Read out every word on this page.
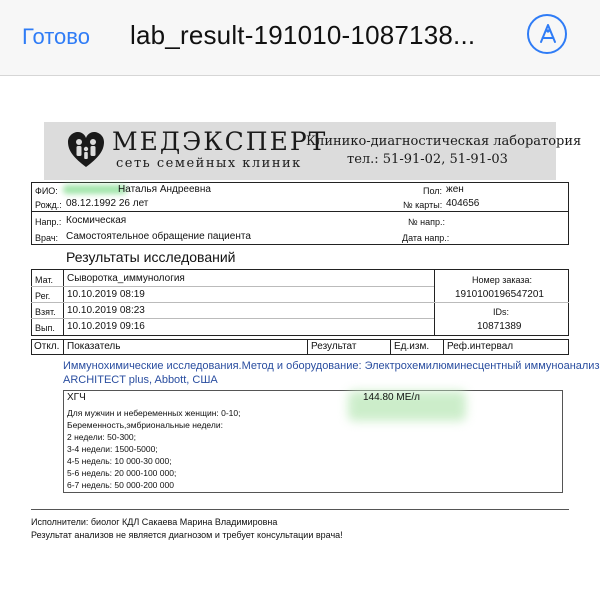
Готово lab_result-191010-1087138...
МЕДЭКСПЕРТ
сеть семейных клиник
Клинико-диагностическая лаборатория
тел.: 51-91-02, 51-91-03
ФИО:	Наталья Андреевна
Рожд.: 08.12.1992 26 лет
Пол: жен
№ карты: 404656
Напр.: Космическая
Врач: Самостоятельное обращение пациента
№ напр.:
Дата напр.:
Результаты исследований
Мат. Сыворотка_иммунология
Рег. 10.10.2019 08:19
Взят. 10.10.2019 08:23
Вып. 10.10.2019 09:16
Номер заказа:
1910100196547201
IDs:
10871389
Откл. Показатель	Результат	Ед.изм. Реф.интервал
Иммунохимические исследования.Метод и оборудование: Электрохемилюминесцентный иммуноанализ
ARCHITECT plus, Abbott, США
ХГЧ	144.80 МЕ/л
Для мужчин и небеременных женщин: 0-10;
Беременность,эмбриональные недели:
2 недели: 50-300;
3-4 недели: 1500-5000;
4-5 недель: 10 000-30 000;
5-6 недель: 20 000-100 000;
6-7 недель: 50 000-200 000
Исполнители: биолог КДЛ Сакаева Марина Владимировна
Результат анализов не является диагнозом и требует консультации врача!
